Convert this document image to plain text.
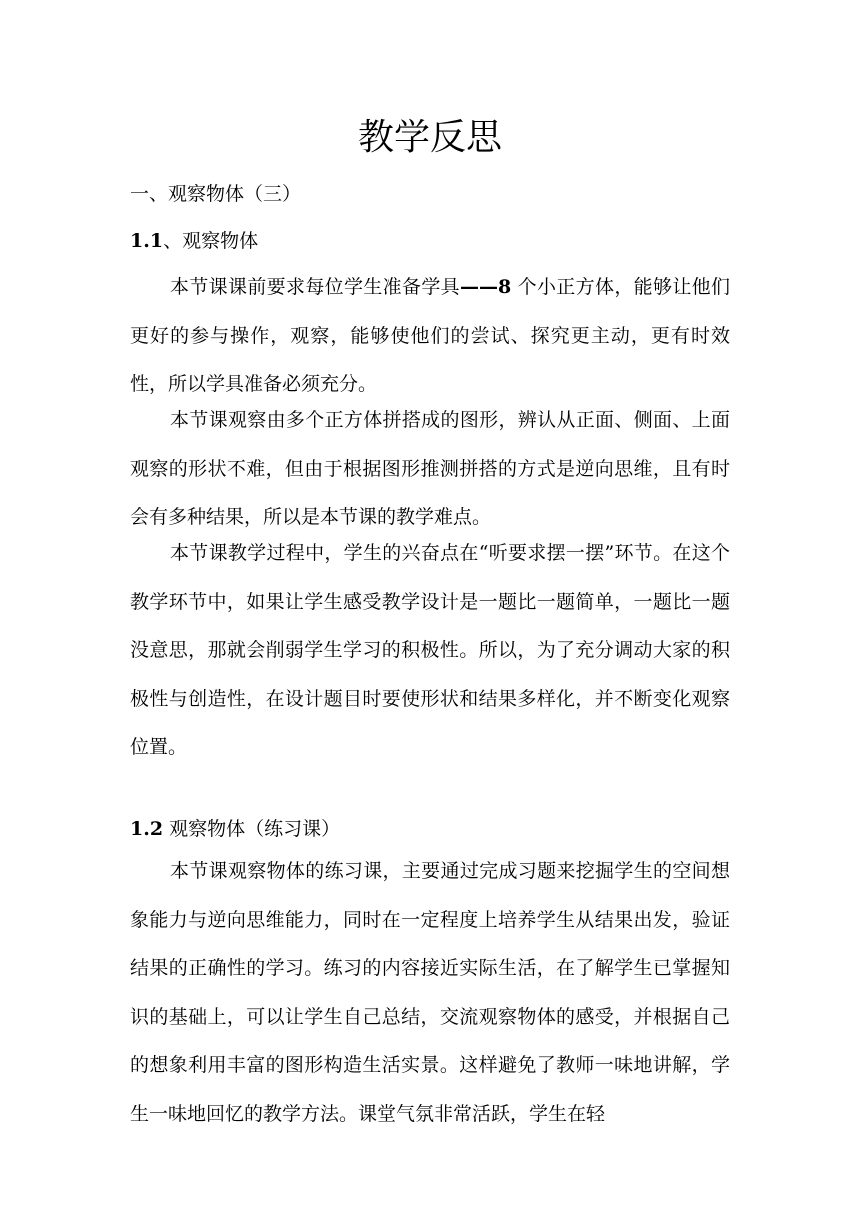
教学反思

一、观察物体（三）

1.1、观察物体

本节课课前要求每位学生准备学具——8 个小正方体，能够让他们更好的参与操作，观察，能够使他们的尝试、探究更主动，更有时效性，所以学具准备必须充分。

本节课观察由多个正方体拼搭成的图形，辨认从正面、侧面、上面观察的形状不难，但由于根据图形推测拼搭的方式是逆向思维，且有时会有多种结果，所以是本节课的教学难点。

本节课教学过程中，学生的兴奋点在“听要求摆一摆”环节。在这个教学环节中，如果让学生感受教学设计是一题比一题简单，一题比一题没意思，那就会削弱学生学习的积极性。所以，为了充分调动大家的积极性与创造性，在设计题目时要使形状和结果多样化，并不断变化观察位置。

1.2 观察物体（练习课）

本节课观察物体的练习课，主要通过完成习题来挖掘学生的空间想象能力与逆向思维能力，同时在一定程度上培养学生从结果出发，验证结果的正确性的学习。练习的内容接近实际生活，在了解学生已掌握知识的基础上，可以让学生自己总结，交流观察物体的感受，并根据自己的想象利用丰富的图形构造生活实景。这样避免了教师一味地讲解，学生一味地回忆的教学方法。课堂气氛非常活跃，学生在轻
